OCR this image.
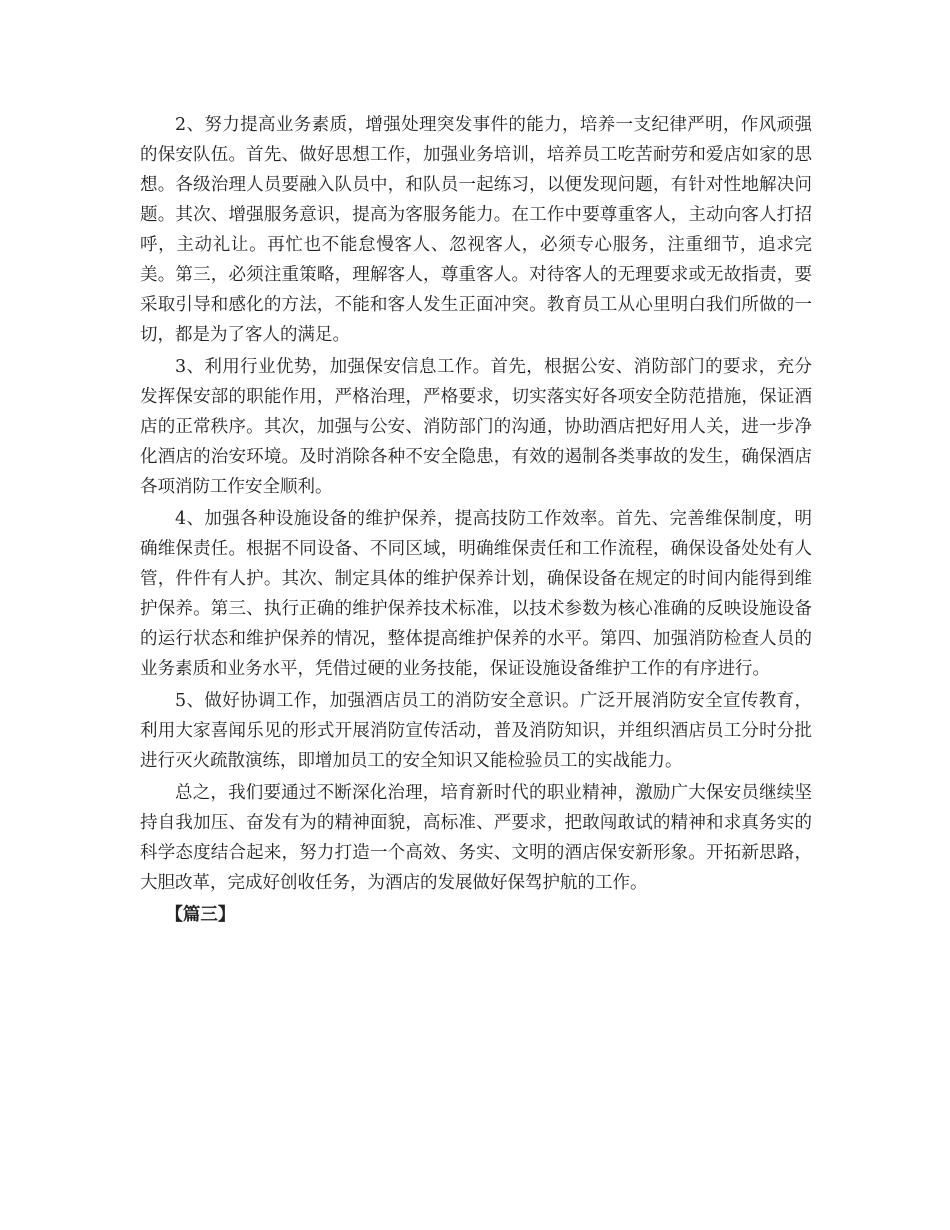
2、努力提高业务素质，增强处理突发事件的能力，培养一支纪律严明，作风顽强的保安队伍。首先、做好思想工作，加强业务培训，培养员工吃苦耐劳和爱店如家的思想。各级治理人员要融入队员中，和队员一起练习，以便发现问题，有针对性地解决问题。其次、增强服务意识，提高为客服务能力。在工作中要尊重客人，主动向客人打招呼，主动礼让。再忙也不能怠慢客人、忽视客人，必须专心服务，注重细节，追求完美。第三，必须注重策略，理解客人，尊重客人。对待客人的无理要求或无故指责，要采取引导和感化的方法，不能和客人发生正面冲突。教育员工从心里明白我们所做的一切，都是为了客人的满足。

3、利用行业优势，加强保安信息工作。首先，根据公安、消防部门的要求，充分发挥保安部的职能作用，严格治理，严格要求，切实落实好各项安全防范措施，保证酒店的正常秩序。其次，加强与公安、消防部门的沟通，协助酒店把好用人关，进一步净化酒店的治安环境。及时消除各种不安全隐患，有效的遏制各类事故的发生，确保酒店各项消防工作安全顺利。

4、加强各种设施设备的维护保养，提高技防工作效率。首先、完善维保制度，明确维保责任。根据不同设备、不同区域，明确维保责任和工作流程，确保设备处处有人管，件件有人护。其次、制定具体的维护保养计划，确保设备在规定的时间内能得到维护保养。第三、执行正确的维护保养技术标准，以技术参数为核心准确的反映设施设备的运行状态和维护保养的情况，整体提高维护保养的水平。第四、加强消防检查人员的业务素质和业务水平，凭借过硬的业务技能，保证设施设备维护工作的有序进行。

5、做好协调工作，加强酒店员工的消防安全意识。广泛开展消防安全宣传教育，利用大家喜闻乐见的形式开展消防宣传活动，普及消防知识，并组织酒店员工分时分批进行灭火疏散演练，即增加员工的安全知识又能检验员工的实战能力。

总之，我们要通过不断深化治理，培育新时代的职业精神，激励广大保安员继续坚持自我加压、奋发有为的精神面貌，高标准、严要求，把敢闯敢试的精神和求真务实的科学态度结合起来，努力打造一个高效、务实、文明的酒店保安新形象。开拓新思路，大胆改革，完成好创收任务，为酒店的发展做好保驾护航的工作。

【篇三】
